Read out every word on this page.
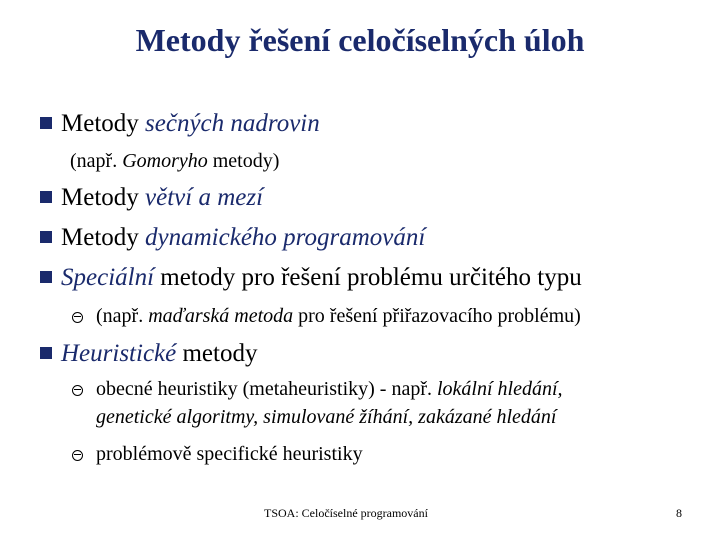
Metody řešení celočíselných úloh
Metody sečných nadrovin
(např. Gomoryho metody)
Metody větví a mezí
Metody dynamického programování
Speciální metody pro řešení problému určitého typu
(např. maďarská metoda pro řešení přiřazovacího problému)
Heuristické metody
obecné heuristiky (metaheuristiky) - např. lokální hledání,
genetické algoritmy, simulované žíhání, zakázané hledání
problémově specifické heuristiky
TSOA: Celočíselné programování	8
